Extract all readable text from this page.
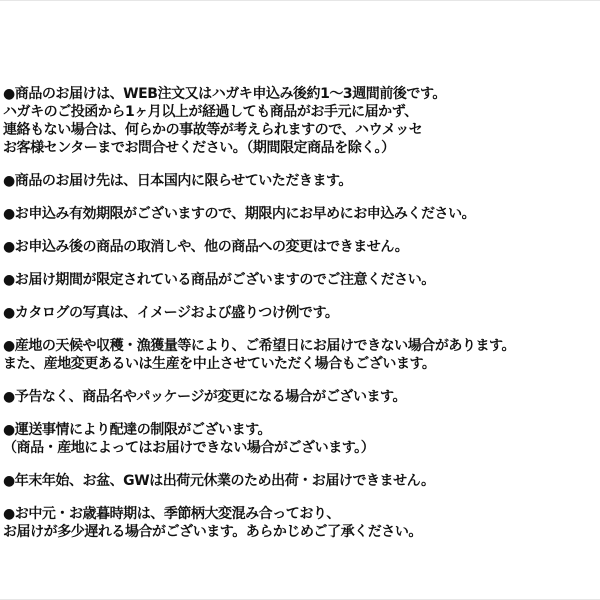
●商品のお届けは、WEB注文又はハガキ申込み後約1～3週間前後です。
ハガキのご投函から1ヶ月以上が経過しても商品がお手元に届かず、
連絡もない場合は、何らかの事故等が考えられますので、ハウメッセ
お客様センターまでお問合せください。（期間限定商品を除く。）
●商品のお届け先は、日本国内に限らせていただきます。
●お申込み有効期限がございますので、期限内にお早めにお申込みください。
●お申込み後の商品の取消しや、他の商品への変更はできません。
●お届け期間が限定されている商品がございますのでご注意ください。
●カタログの写真は、イメージおよび盛りつけ例です。
●産地の天候や収穫・漁獲量等により、ご希望日にお届けできない場合があります。
また、産地変更あるいは生産を中止させていただく場合もございます。
●予告なく、商品名やパッケージが変更になる場合がございます。
●運送事情により配達の制限がございます。
（商品・産地によってはお届けできない場合がございます。）
●年末年始、お盆、GWは出荷元休業のため出荷・お届けできません。
●お中元・お歳暮時期は、季節柄大変混み合っており、
お届けが多少遅れる場合がございます。あらかじめご了承ください。
